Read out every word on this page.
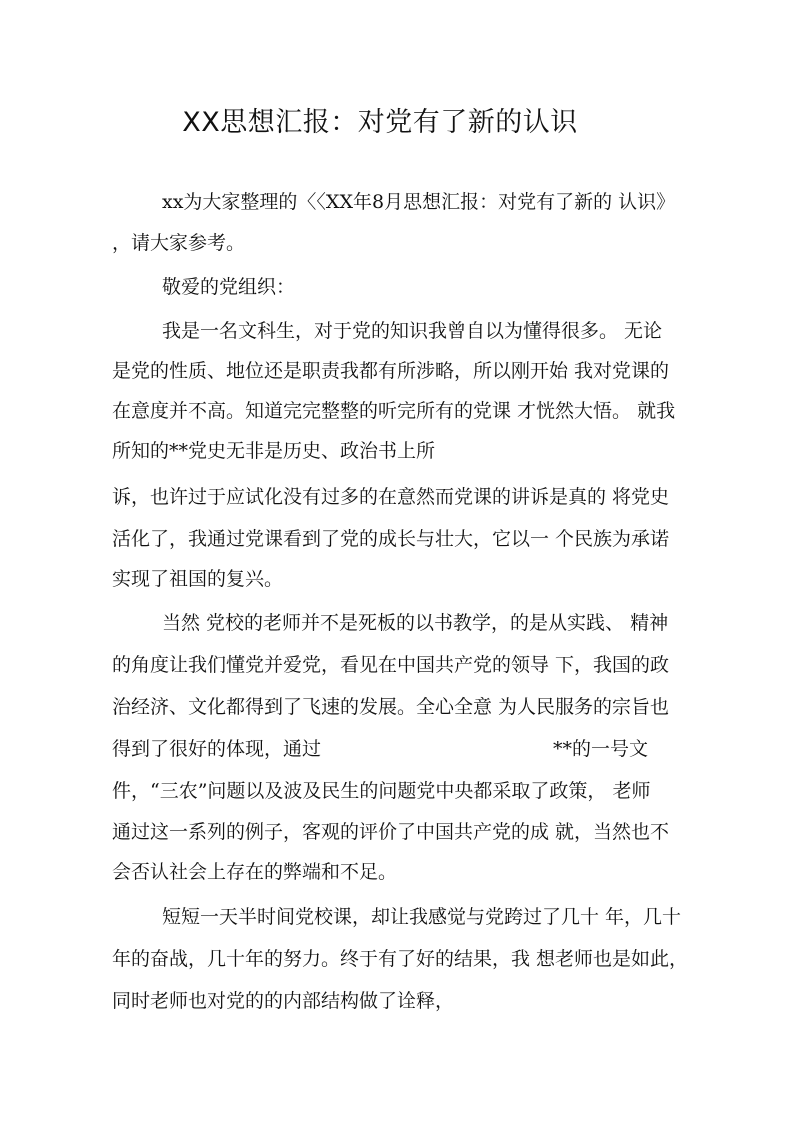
XX思想汇报：对党有了新的认识
xx为大家整理的〈〈XX年8月思想汇报：对党有了新的 认识》
，请大家参考。
敬爱的党组织：
我是一名文科生，对于党的知识我曾自以为懂得很多。 无论
是党的性质、地位还是职责我都有所涉略，所以刚开始 我对党课的
在意度并不高。知道完完整整的听完所有的党课 才恍然大悟。 就我
所知的**党史无非是历史、政治书上所
诉，也许过于应试化没有过多的在意然而党课的讲诉是真的 将党史
活化了，我通过党课看到了党的成长与壮大，它以一 个民族为承诺
实现了祖国的复兴。
当然 党校的老师并不是死板的以书教学，的是从实践、 精神
的角度让我们懂党并爱党，看见在中国共产党的领导 下，我国的政
治经济、文化都得到了飞速的发展。全心全意 为人民服务的宗旨也
得到了很好的体现，通过	**的一号文
件，“三农”问题以及波及民生的问题党中央都采取了政策， 老师
通过这一系列的例子，客观的评价了中国共产党的成 就，当然也不
会否认社会上存在的弊端和不足。
短短一天半时间党校课，却让我感觉与党跨过了几十 年，几十
年的奋战，几十年的努力。终于有了好的结果，我 想老师也是如此，
同时老师也对党的的内部结构做了诠释，
